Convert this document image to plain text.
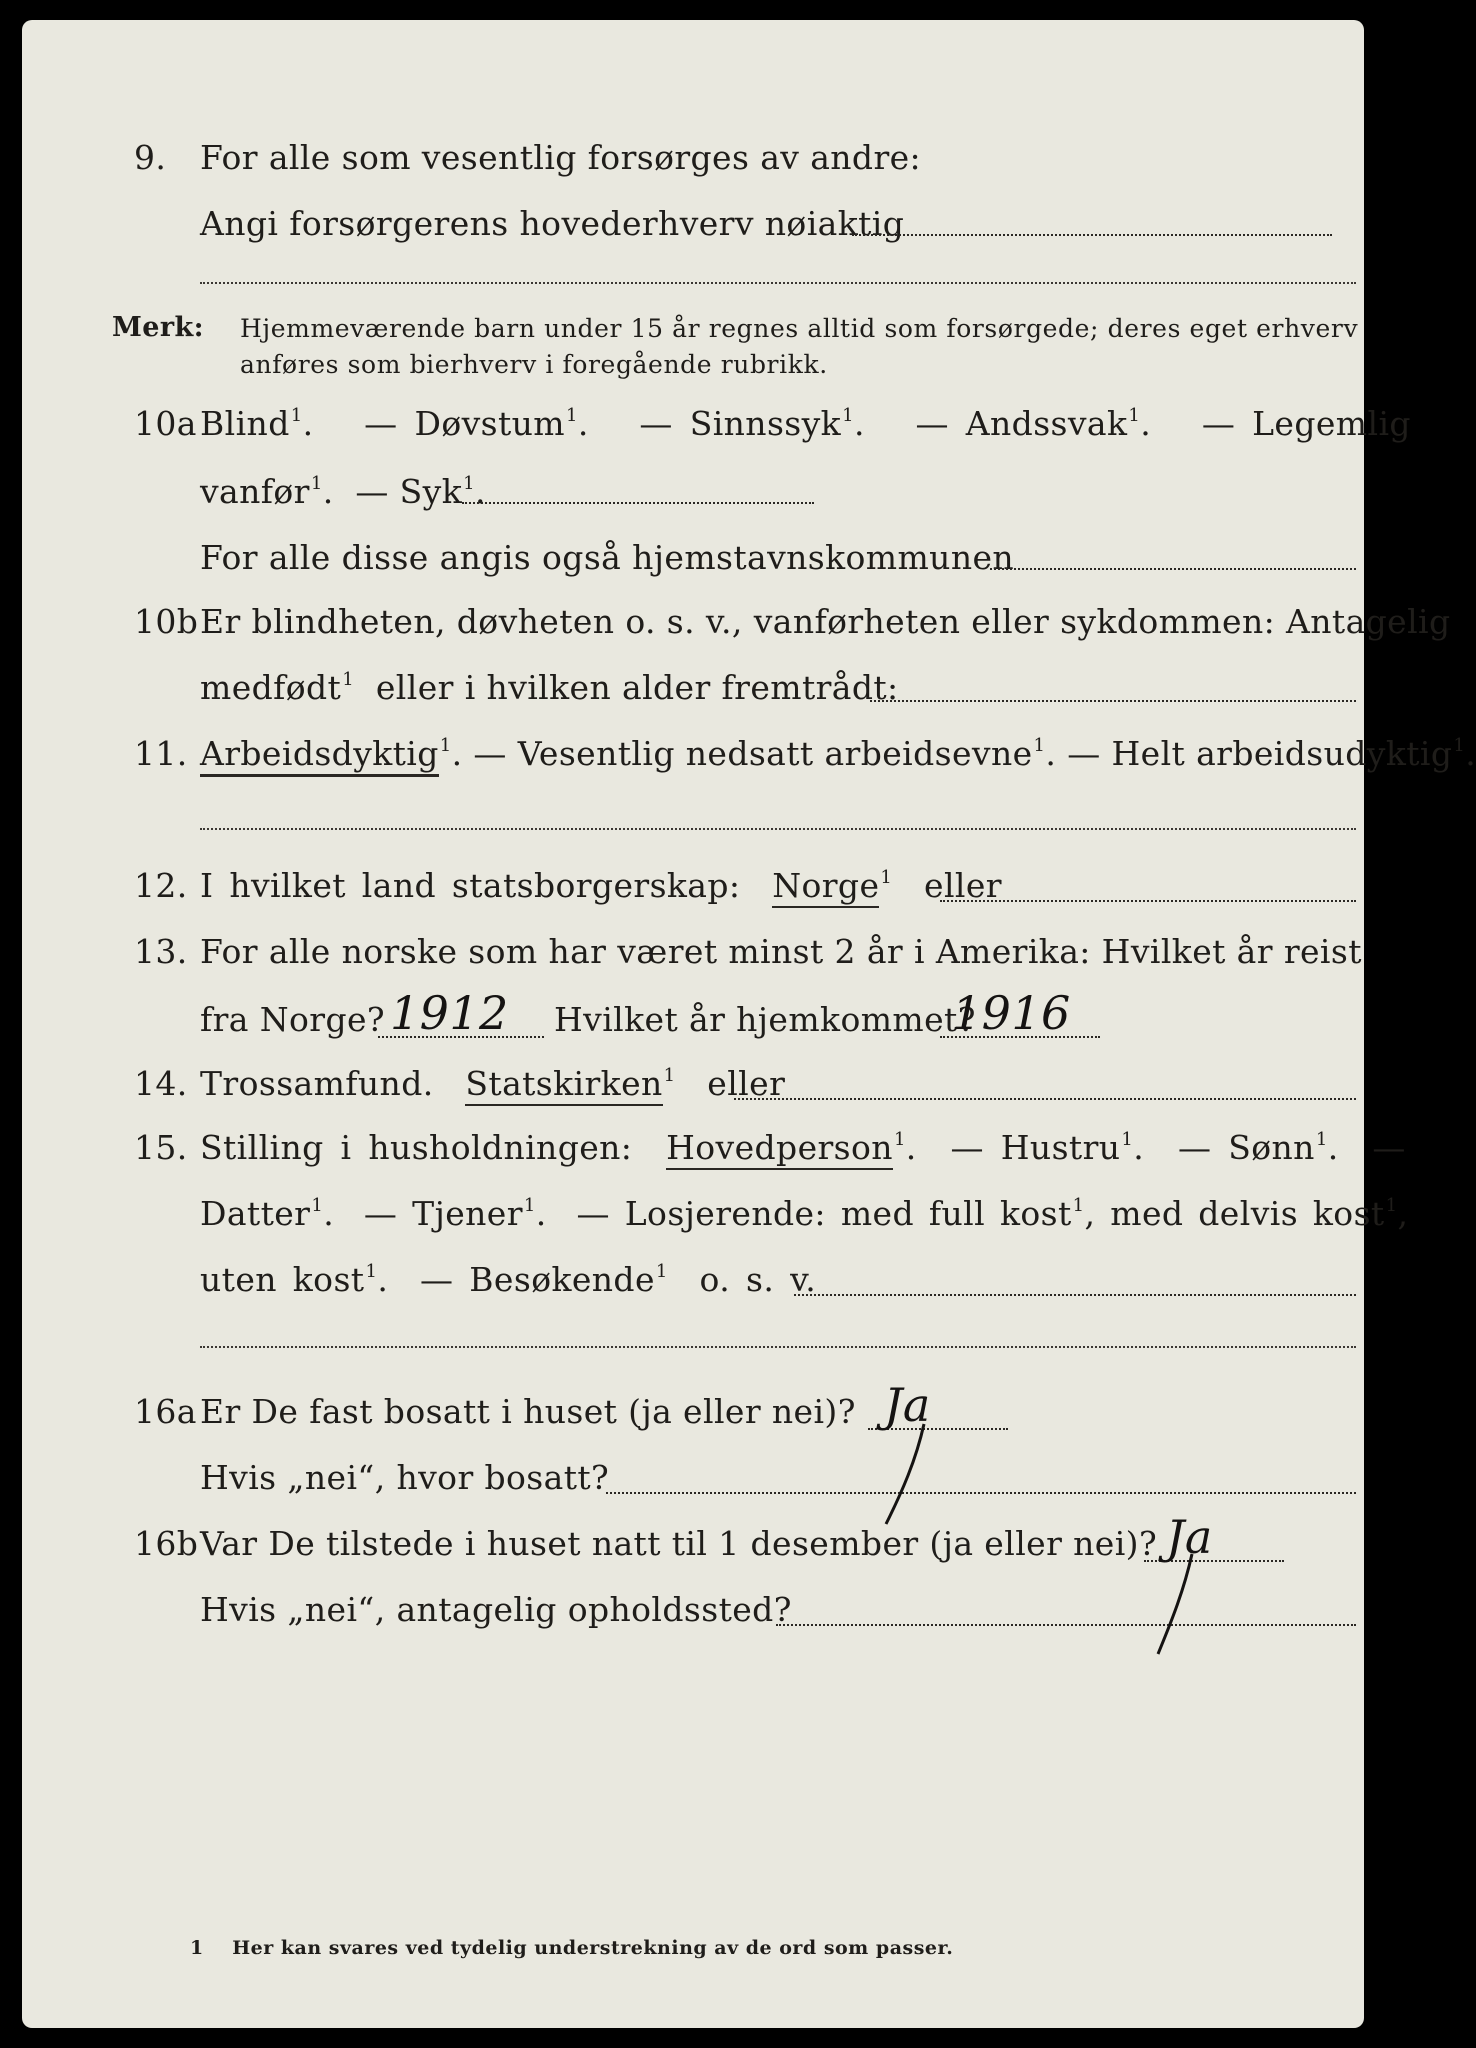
9. For alle som vesentlig forsørges av andre:
Angi forsørgerens hovederhverv nøiaktig
Merk: Hjemmeværende barn under 15 år regnes alltid som forsørgede; deres eget erhverv
anføres som bierhverv i foregående rubrikk.
10a Blind$^1$.   — Døvstum$^1$.   — Sinnssyk$^1$.   — Andssvak$^1$.   — Legemlig
vanfør$^1$.  — Syk$^1$.
For alle disse angis også hjemstavnskommunen
10b Er blindheten, døvheten o. s. v., vanførheten eller sykdommen: Antagelig
medfødt$^1$ eller i hvilken alder fremtrådt:
11. Arbeidsdyktig$^1$. — Vesentlig nedsatt arbeidsevne$^1$. — Helt arbeidsudyktig$^1$.
12. I hvilket land statsborgerskap: Norge$^1$ eller
13. For alle norske som har været minst 2 år i Amerika: Hvilket år reist
fra Norge? 1912 Hvilket år hjemkommet?
1916
14. Trossamfund. Statskirken$^1$ eller
15. Stilling i husholdningen: Hovedperson$^1$.  — Hustru$^1$.  — Sønn$^1$.  —
Datter$^1$.  — Tjener$^1$.  — Losjerende: med full kost$^1$, med delvis kost$^1$,
uten kost$^1$.  — Besøkende$^1$ o. s. v.
16a Er De fast bosatt i huset (ja eller nei)? Ja
Hvis „nei“, hvor bosatt?
16b Var De tilstede i huset natt til 1 desember (ja eller nei)? Ja
Hvis „nei“, antagelig opholdssted?
1 Her kan svares ved tydelig understrekning av de ord som passer.
